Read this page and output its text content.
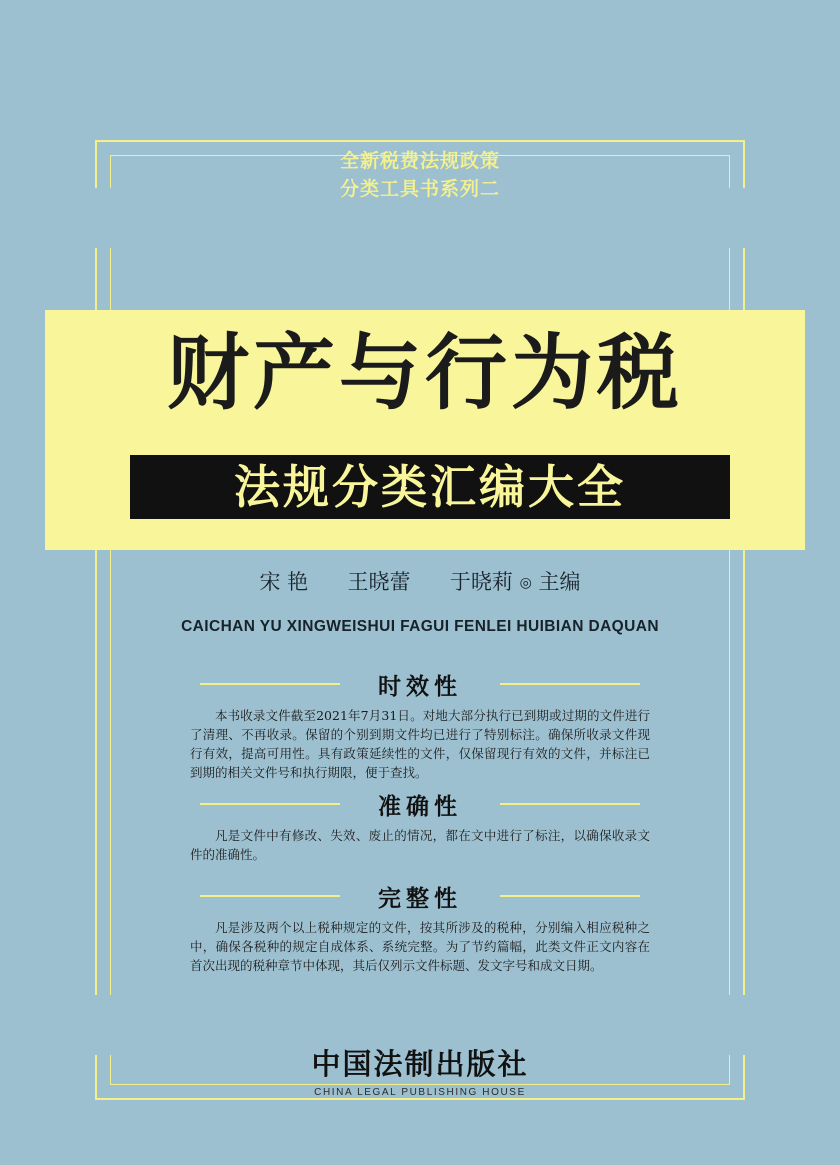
全新税费法规政策
分类工具书系列二
财产与行为税
法规分类汇编大全
宋 艳 王晓蕾 于晓莉 ◎ 主编
CAICHAN YU XINGWEISHUI FAGUI FENLEI HUIBIAN DAQUAN
时效性
本书收录文件截至2021年7月31日。对地大部分执行已到期或过期的文件进行了清理、不再收录。保留的个别到期文件均已进行了特别标注。确保所收录文件现行有效，提高可用性。具有政策延续性的文件，仅保留现行有效的文件，并标注已到期的相关文件号和执行期限，便于查找。
准确性
凡是文件中有修改、失效、废止的情况，都在文中进行了标注，以确保收录文件的准确性。
完整性
凡是涉及两个以上税种规定的文件，按其所涉及的税种，分别编入相应税种之中，确保各税种的规定自成体系、系统完整。为了节约篇幅，此类文件正文内容在首次出现的税种章节中体现，其后仅列示文件标题、发文字号和成文日期。
中国法制出版社
CHINA LEGAL PUBLISHING HOUSE
